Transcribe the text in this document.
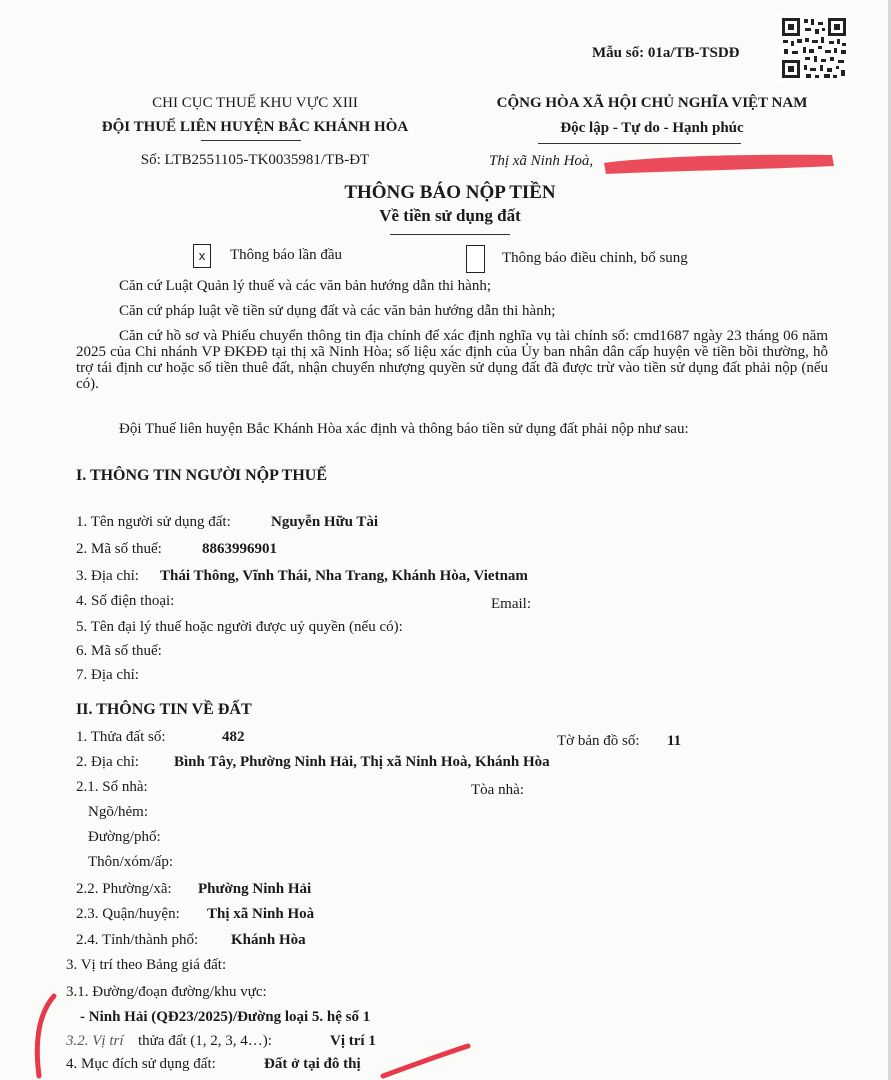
Mẫu số: 01a/TB-TSDĐ
CHI CỤC THUẾ KHU VỰC XIII
ĐỘI THUẾ LIÊN HUYỆN BẮC KHÁNH HÒA
Số: LTB2551105-TK0035981/TB-ĐT
CỘNG HÒA XÃ HỘI CHỦ NGHĨA VIỆT NAM
Độc lập - Tự do - Hạnh phúc
Thị xã Ninh Hoà,
THÔNG BÁO NỘP TIỀN
Về tiền sử dụng đất
x	Thông báo lần đầu	Thông báo điều chỉnh, bổ sung
Căn cứ Luật Quản lý thuế và các văn bản hướng dẫn thi hành;
Căn cứ pháp luật về tiền sử dụng đất và các văn bản hướng dẫn thi hành;
Căn cứ hồ sơ và Phiếu chuyển thông tin địa chính để xác định nghĩa vụ tài chính số: cmd1687 ngày 23 tháng 06 năm 2025 của Chi nhánh VP ĐKĐĐ tại thị xã Ninh Hòa; số liệu xác định của Ủy ban nhân dân cấp huyện về tiền bồi thường, hỗ trợ tái định cư hoặc số tiền thuê đất, nhận chuyển nhượng quyền sử dụng đất đã được trừ vào tiền sử dụng đất phải nộp (nếu có).
Đội Thuế liên huyện Bắc Khánh Hòa xác định và thông báo tiền sử dụng đất phải nộp như sau:
I. THÔNG TIN NGƯỜI NỘP THUẾ
1. Tên người sử dụng đất:	Nguyễn Hữu Tài
2. Mã số thuế:	8863996901
3. Địa chỉ: Thái Thông, Vĩnh Thái, Nha Trang, Khánh Hòa, Vietnam
4. Số điện thoại:	Email:
5. Tên đại lý thuế hoặc người được uỷ quyền (nếu có):
6. Mã số thuế:
7. Địa chỉ:
II. THÔNG TIN VỀ ĐẤT
1. Thửa đất số:	482	Tờ bản đồ số: 11
2. Địa chỉ: Bình Tây, Phường Ninh Hải, Thị xã Ninh Hoà, Khánh Hòa
2.1. Số nhà:	Tòa nhà:
Ngõ/hẻm:
Đường/phố:
Thôn/xóm/ấp:
2.2. Phường/xã: Phường Ninh Hải
2.3. Quận/huyện: Thị xã Ninh Hoà
2.4. Tỉnh/thành phố: Khánh Hòa
3. Vị trí theo Bảng giá đất:
3.1. Đường/đoạn đường/khu vực:
- Ninh Hải (QĐ23/2025)/Đường loại 5. hệ số 1
3.2. Vị trí thửa đất (1, 2, 3, 4…):	Vị trí 1
4. Mục đích sử dụng đất:	Đất ở tại đô thị
